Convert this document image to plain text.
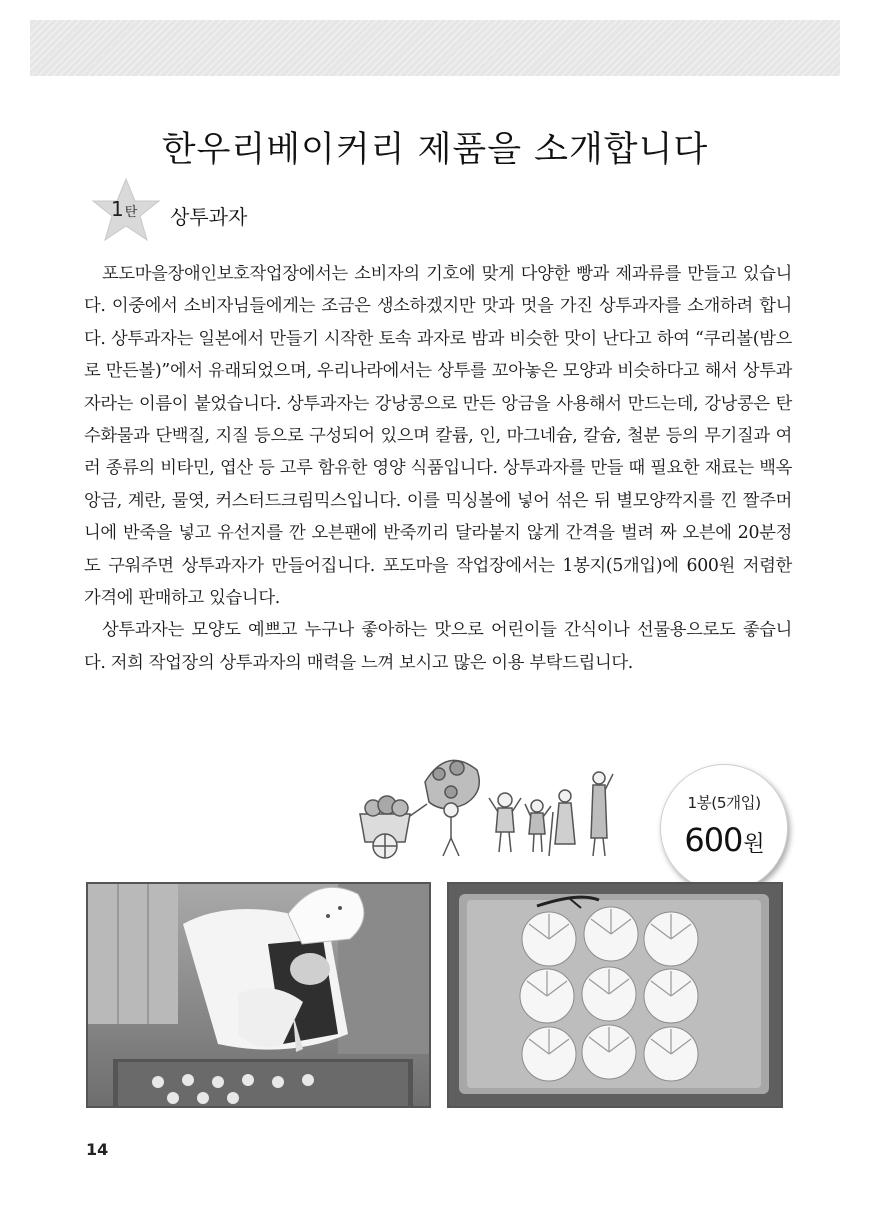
한우리베이커리 제품을 소개합니다
1탄 상투과자

포도마을장애인보호작업장에서는 소비자의 기호에 맞게 다양한 빵과 제과류를 만들고 있습니다. 이중에서 소비자님들에게는 조금은 생소하겠지만 맛과 멋을 가진 상투과자를 소개하려 합니다. 상투과자는 일본에서 만들기 시작한 토속 과자로 밤과 비슷한 맛이 난다고 하여 “쿠리볼(밤으로 만든볼)”에서 유래되었으며, 우리나라에서는 상투를 꼬아놓은 모양과 비슷하다고 해서 상투과자라는 이름이 붙었습니다. 상투과자는 강낭콩으로 만든 앙금을 사용해서 만드는데, 강낭콩은 탄수화물과 단백질, 지질 등으로 구성되어 있으며 칼륨, 인, 마그네슘, 칼슘, 철분 등의 무기질과 여러 종류의 비타민, 엽산 등 고루 함유한 영양 식품입니다. 상투과자를 만들 때 필요한 재료는 백옥앙금, 계란, 물엿, 커스터드크림믹스입니다. 이를 믹싱볼에 넣어 섞은 뒤 별모양깍지를 낀 짤주머니에 반죽을 넣고 유선지를 깐 오븐팬에 반죽끼리 달라붙지 않게 간격을 벌려 짜 오븐에 20분정도 구워주면 상투과자가 만들어집니다. 포도마을 작업장에서는 1봉지(5개입)에 600원 저렴한 가격에 판매하고 있습니다.

상투과자는 모양도 예쁘고 누구나 좋아하는 맛으로 어린이들 간식이나 선물용으로도 좋습니다. 저희 작업장의 상투과자의 매력을 느껴 보시고 많은 이용 부탁드립니다.

1봉(5개입)
600원
14
